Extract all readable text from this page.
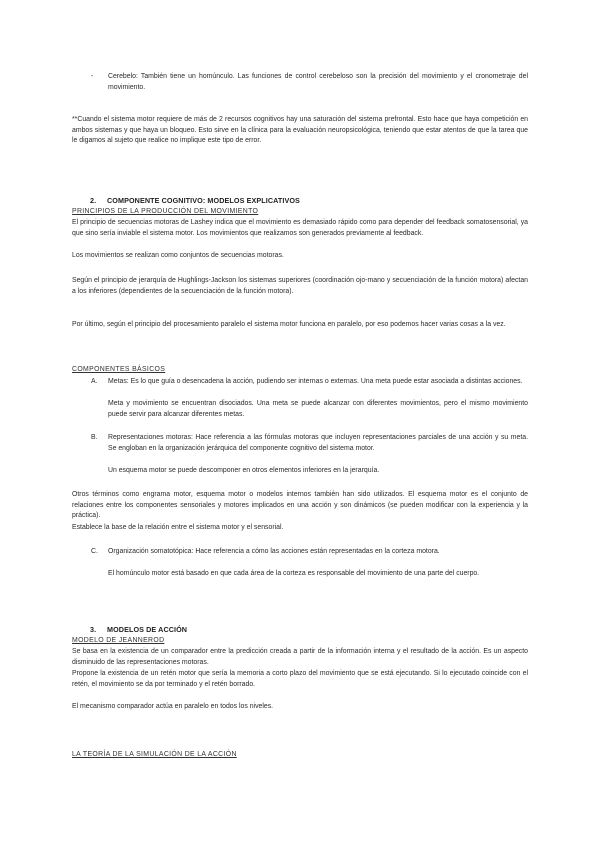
- Cerebelo: También tiene un homúnculo. Las funciones de control cerebeloso son la precisión del movimiento y el cronometraje del movimiento.

**Cuando el sistema motor requiere de más de 2 recursos cognitivos hay una saturación del sistema prefrontal. Esto hace que haya competición en ambos sistemas y que haya un bloqueo. Esto sirve en la clínica para la evaluación neuropsicológica, teniendo que estar atentos de que la tarea que le digamos al sujeto que realice no implique este tipo de error.

2. COMPONENTE COGNITIVO: MODELOS EXPLICATIVOS
PRINCIPIOS DE LA PRODUCCIÓN DEL MOVIMIENTO

El principio de secuencias motoras de Lashey indica que el movimiento es demasiado rápido como para depender del feedback somatosensorial, ya que sino sería inviable el sistema motor. Los movimientos que realizamos son generados previamente al feedback.

Los movimientos se realizan como conjuntos de secuencias motoras.

Según el principio de jerarquía de Hughlings-Jackson los sistemas superiores (coordinación ojo-mano y secuenciación de la función motora) afectan a los inferiores (dependientes de la secuenciación de la función motora).

Por último, según el principio del procesamiento paralelo el sistema motor funciona en paralelo, por eso podemos hacer varias cosas a la vez.

COMPONENTES BÁSICOS
A. Metas: Es lo que guía o desencadena la acción, pudiendo ser internas o externas. Una meta puede estar asociada a distintas acciones.

Meta y movimiento se encuentran disociados. Una meta se puede alcanzar con diferentes movimientos, pero el mismo movimiento puede servir para alcanzar diferentes metas.

B. Representaciones motoras: Hace referencia a las fórmulas motoras que incluyen representaciones parciales de una acción y su meta. Se engloban en la organización jerárquica del componente cognitivo del sistema motor.

Un esquema motor se puede descomponer en otros elementos inferiores en la jerarquía.

Otros términos como engrama motor, esquema motor o modelos internos también han sido utilizados. El esquema motor es el conjunto de relaciones entre los componentes sensoriales y motores implicados en una acción y son dinámicos (se pueden modificar con la experiencia y la práctica).

Establece la base de la relación entre el sistema motor y el sensorial.

C. Organización somatotópica: Hace referencia a cómo las acciones están representadas en la corteza motora.

El homúnculo motor está basado en que cada área de la corteza es responsable del movimiento de una parte del cuerpo.

3. MODELOS DE ACCIÓN
MODELO DE JEANNEROD

Se basa en la existencia de un comparador entre la predicción creada a partir de la información interna y el resultado de la acción. Es un aspecto disminuido de las representaciones motoras.

Propone la existencia de un retén motor que sería la memoria a corto plazo del movimiento que se está ejecutando. Si lo ejecutado coincide con el retén, el movimiento se da por terminado y el retén borrado.

El mecanismo comparador actúa en paralelo en todos los niveles.

LA TEORÍA DE LA SIMULACIÓN DE LA ACCIÓN
